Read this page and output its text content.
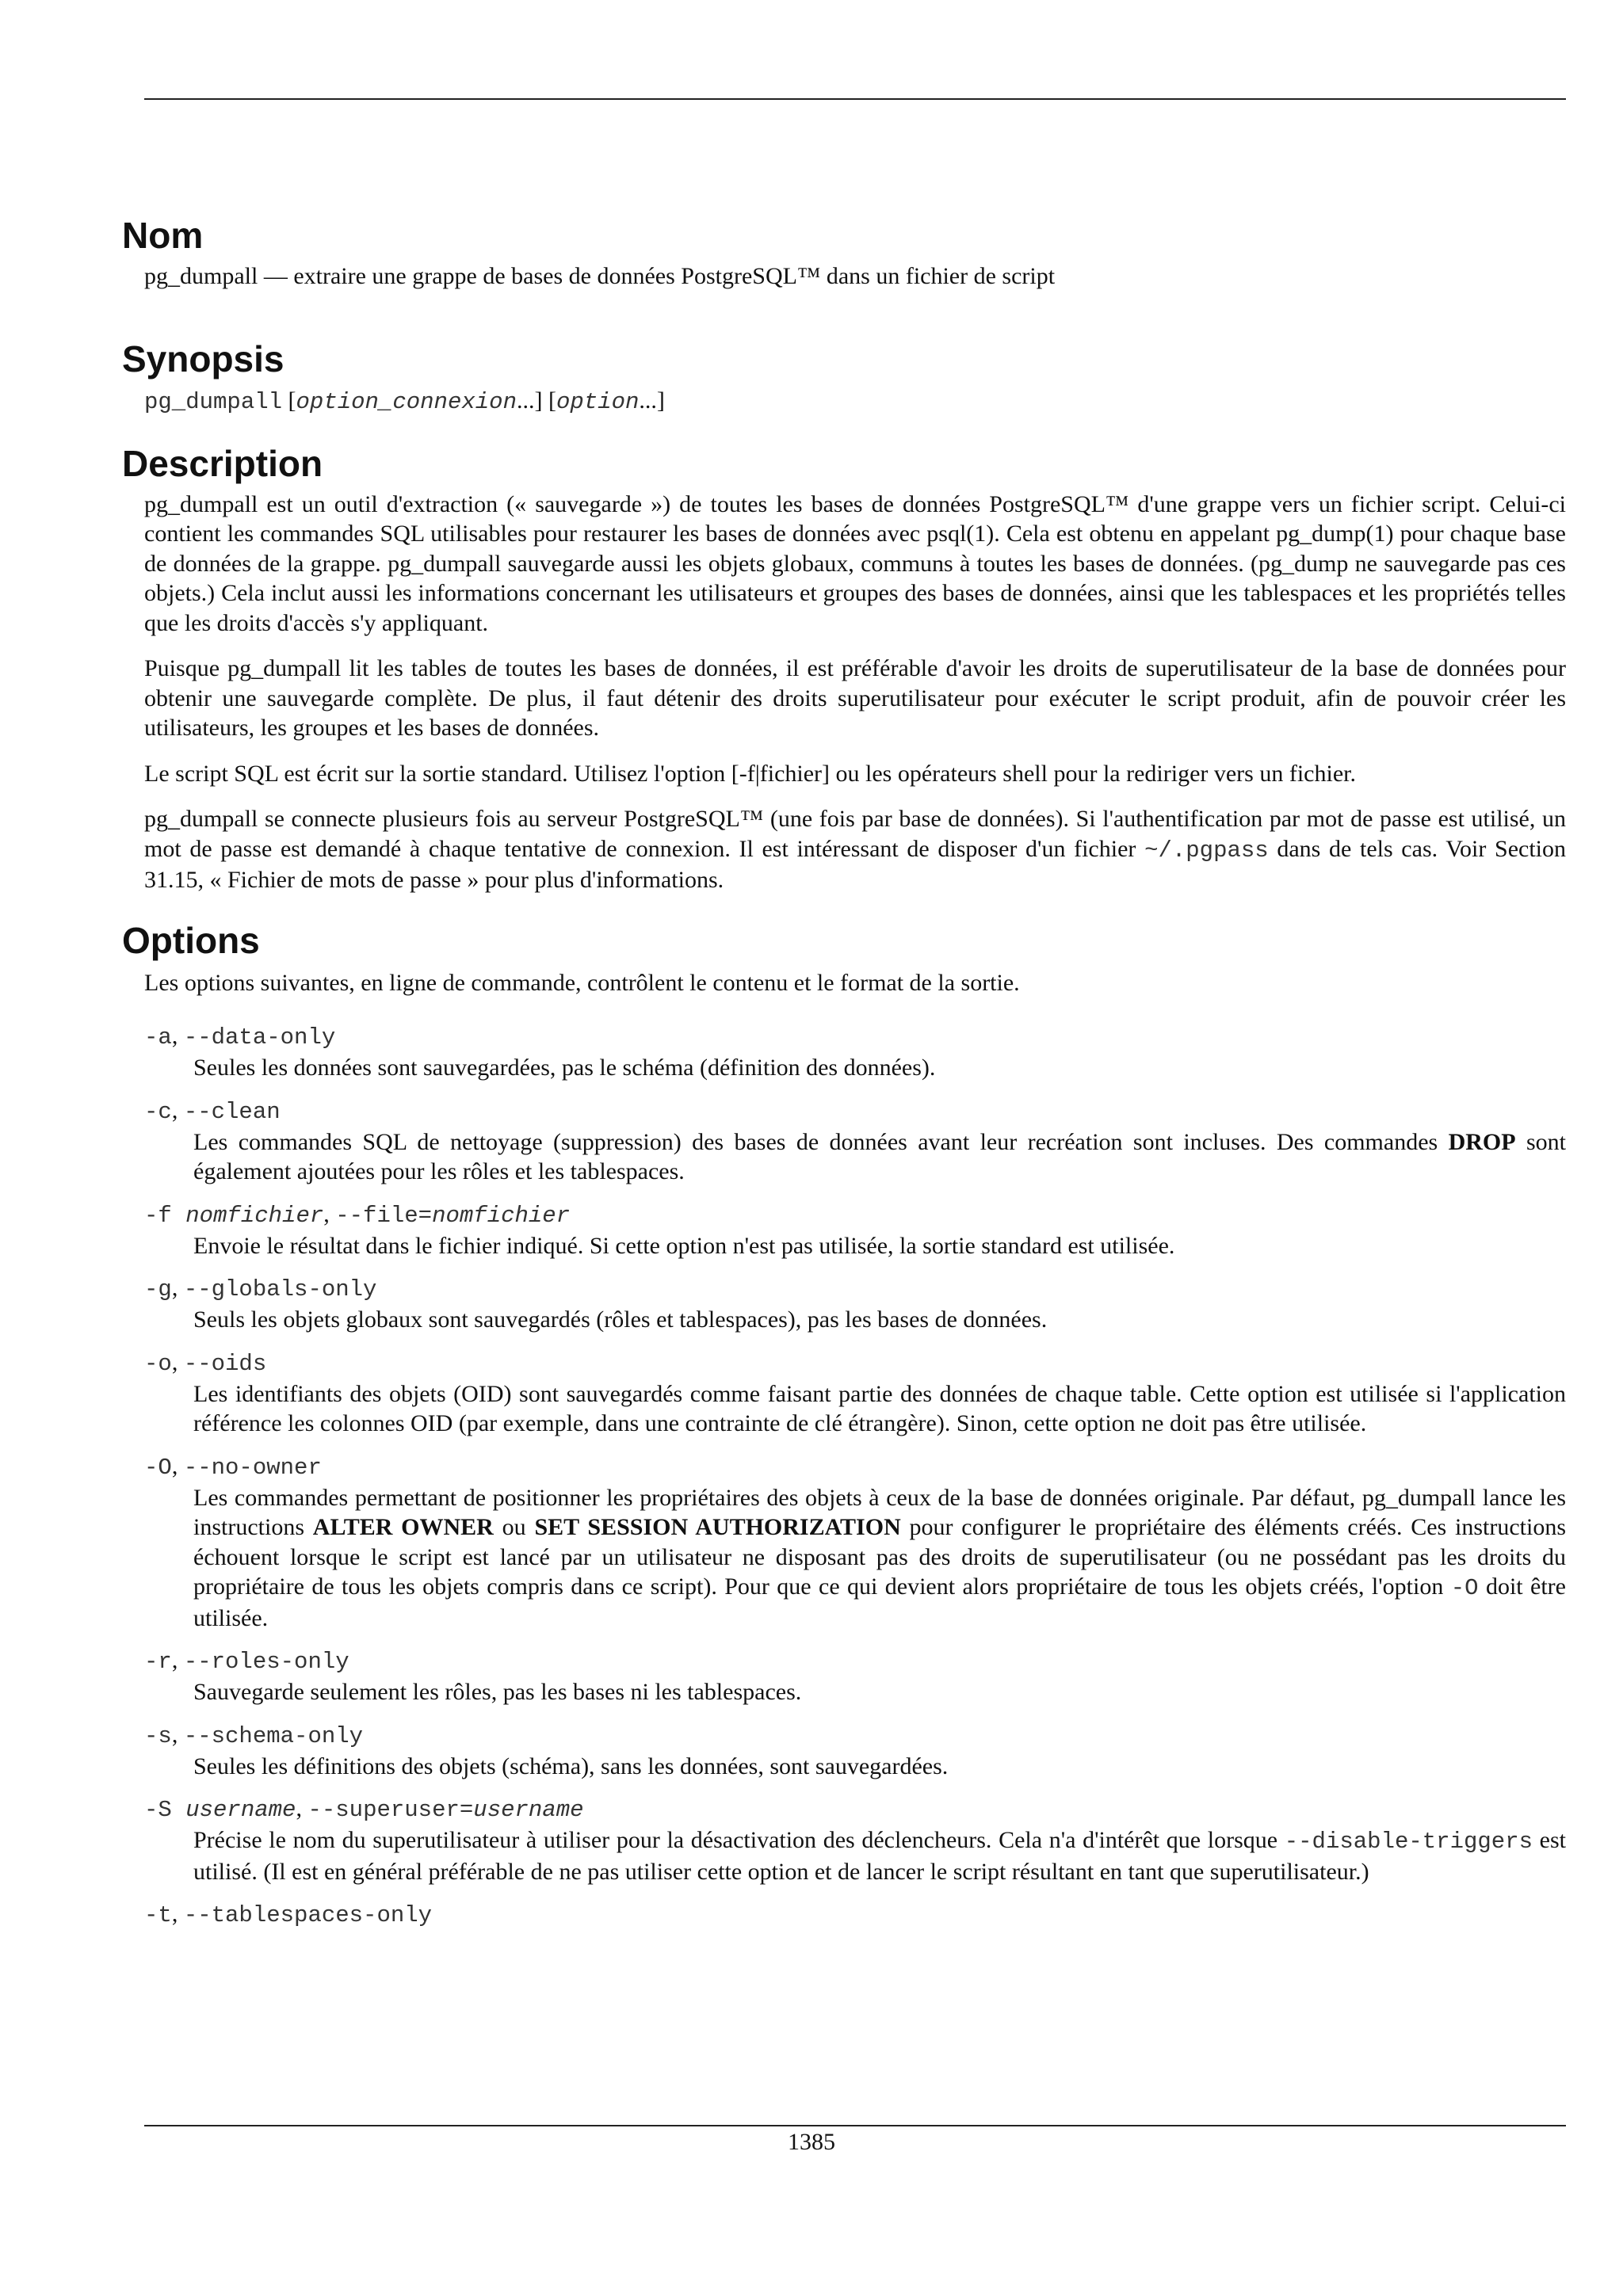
Nom

pg_dumpall — extraire une grappe de bases de données PostgreSQL™ dans un fichier de script

Synopsis
pg_dumpall [option_connexion...] [option...]
Description

pg_dumpall est un outil d'extraction (« sauvegarde ») de toutes les bases de données PostgreSQL™ d'une grappe vers un fichier script. Celui-ci contient les commandes SQL utilisables pour restaurer les bases de données avec psql(1). Cela est obtenu en appelant pg_dump(1) pour chaque base de données de la grappe. pg_dumpall sauvegarde aussi les objets globaux, communs à toutes les bases de données. (pg_dump ne sauvegarde pas ces objets.) Cela inclut aussi les informations concernant les utilisateurs et groupes des bases de données, ainsi que les tablespaces et les propriétés telles que les droits d'accès s'y appliquant.

Puisque pg_dumpall lit les tables de toutes les bases de données, il est préférable d'avoir les droits de superutilisateur de la base de données pour obtenir une sauvegarde complète. De plus, il faut détenir des droits superutilisateur pour exécuter le script produit, afin de pouvoir créer les utilisateurs, les groupes et les bases de données.

Le script SQL est écrit sur la sortie standard. Utilisez l'option [-f|fichier] ou les opérateurs shell pour la rediriger vers un fichier.

pg_dumpall se connecte plusieurs fois au serveur PostgreSQL™ (une fois par base de données). Si l'authentification par mot de passe est utilisé, un mot de passe est demandé à chaque tentative de connexion. Il est intéressant de disposer d'un fichier ~/.pgpass dans de tels cas. Voir Section 31.15, « Fichier de mots de passe » pour plus d'informations.

Options

Les options suivantes, en ligne de commande, contrôlent le contenu et le format de la sortie.

-a, --data-only
Seules les données sont sauvegardées, pas le schéma (définition des données).
-c, --clean
Les commandes SQL de nettoyage (suppression) des bases de données avant leur recréation sont incluses. Des commandes DROP sont également ajoutées pour les rôles et les tablespaces.
-f nomfichier, --file=nomfichier
Envoie le résultat dans le fichier indiqué. Si cette option n'est pas utilisée, la sortie standard est utilisée.
-g, --globals-only
Seuls les objets globaux sont sauvegardés (rôles et tablespaces), pas les bases de données.
-o, --oids
Les identifiants des objets (OID) sont sauvegardés comme faisant partie des données de chaque table. Cette option est utilisée si l'application référence les colonnes OID (par exemple, dans une contrainte de clé étrangère). Sinon, cette option ne doit pas être utilisée.
-O, --no-owner
Les commandes permettant de positionner les propriétaires des objets à ceux de la base de données originale. Par défaut, pg_dumpall lance les instructions ALTER OWNER ou SET SESSION AUTHORIZATION pour configurer le propriétaire des éléments créés. Ces instructions échouent lorsque le script est lancé par un utilisateur ne disposant pas des droits de superutilisateur (ou ne possédant pas les droits du propriétaire de tous les objets compris dans ce script). Pour que ce qui devient alors propriétaire de tous les objets créés, l'option -O doit être utilisée.
-r, --roles-only
Sauvegarde seulement les rôles, pas les bases ni les tablespaces.
-s, --schema-only
Seules les définitions des objets (schéma), sans les données, sont sauvegardées.
-S username, --superuser=username
Précise le nom du superutilisateur à utiliser pour la désactivation des déclencheurs. Cela n'a d'intérêt que lorsque --disable-triggers est utilisé. (Il est en général préférable de ne pas utiliser cette option et de lancer le script résultant en tant que superutilisateur.)
-t, --tablespaces-only
1385
